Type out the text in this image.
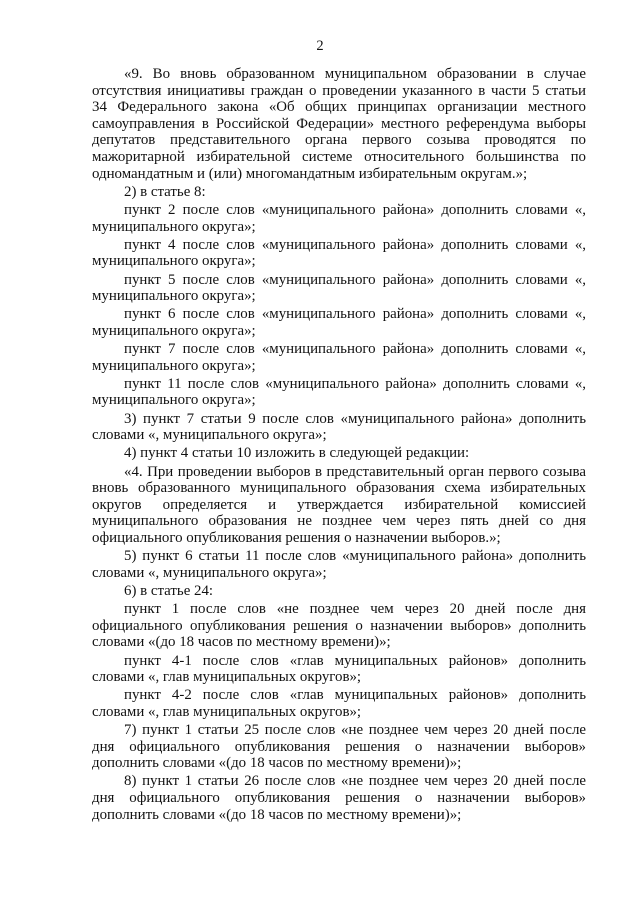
2

«9. Во вновь образованном муниципальном образовании в случае отсутствия инициативы граждан о проведении указанного в части 5 статьи 34 Федерального закона «Об общих принципах организации местного самоуправления в Российской Федерации» местного референдума выборы депутатов представительного органа первого созыва проводятся по мажоритарной избирательной системе относительного большинства по одномандатным и (или) многомандатным избирательным округам.»;

2) в статье 8:

пункт 2 после слов «муниципального района» дополнить словами «, муниципального округа»;

пункт 4 после слов «муниципального района» дополнить словами «, муниципального округа»;

пункт 5 после слов «муниципального района» дополнить словами «, муниципального округа»;

пункт 6 после слов «муниципального района» дополнить словами «, муниципального округа»;

пункт 7 после слов «муниципального района» дополнить словами «, муниципального округа»;

пункт 11 после слов «муниципального района» дополнить словами «, муниципального округа»;

3) пункт 7 статьи 9 после слов «муниципального района» дополнить словами «, муниципального округа»;

4) пункт 4 статьи 10 изложить в следующей редакции:

«4. При проведении выборов в представительный орган первого созыва вновь образованного муниципального образования схема избирательных округов определяется и утверждается избирательной комиссией муниципального образования не позднее чем через пять дней со дня официального опубликования решения о назначении выборов.»;

5) пункт 6 статьи 11 после слов «муниципального района» дополнить словами «, муниципального округа»;

6) в статье 24:

пункт 1 после слов «не позднее чем через 20 дней после дня официального опубликования решения о назначении выборов» дополнить словами «(до 18 часов по местному времени)»;

пункт 4-1 после слов «глав муниципальных районов» дополнить словами «, глав муниципальных округов»;

пункт 4-2 после слов «глав муниципальных районов» дополнить словами «, глав муниципальных округов»;

7) пункт 1 статьи 25 после слов «не позднее чем через 20 дней после дня официального опубликования решения о назначении выборов» дополнить словами «(до 18 часов по местному времени)»;

8) пункт 1 статьи 26 после слов «не позднее чем через 20 дней после дня официального опубликования решения о назначении выборов» дополнить словами «(до 18 часов по местному времени)»;
